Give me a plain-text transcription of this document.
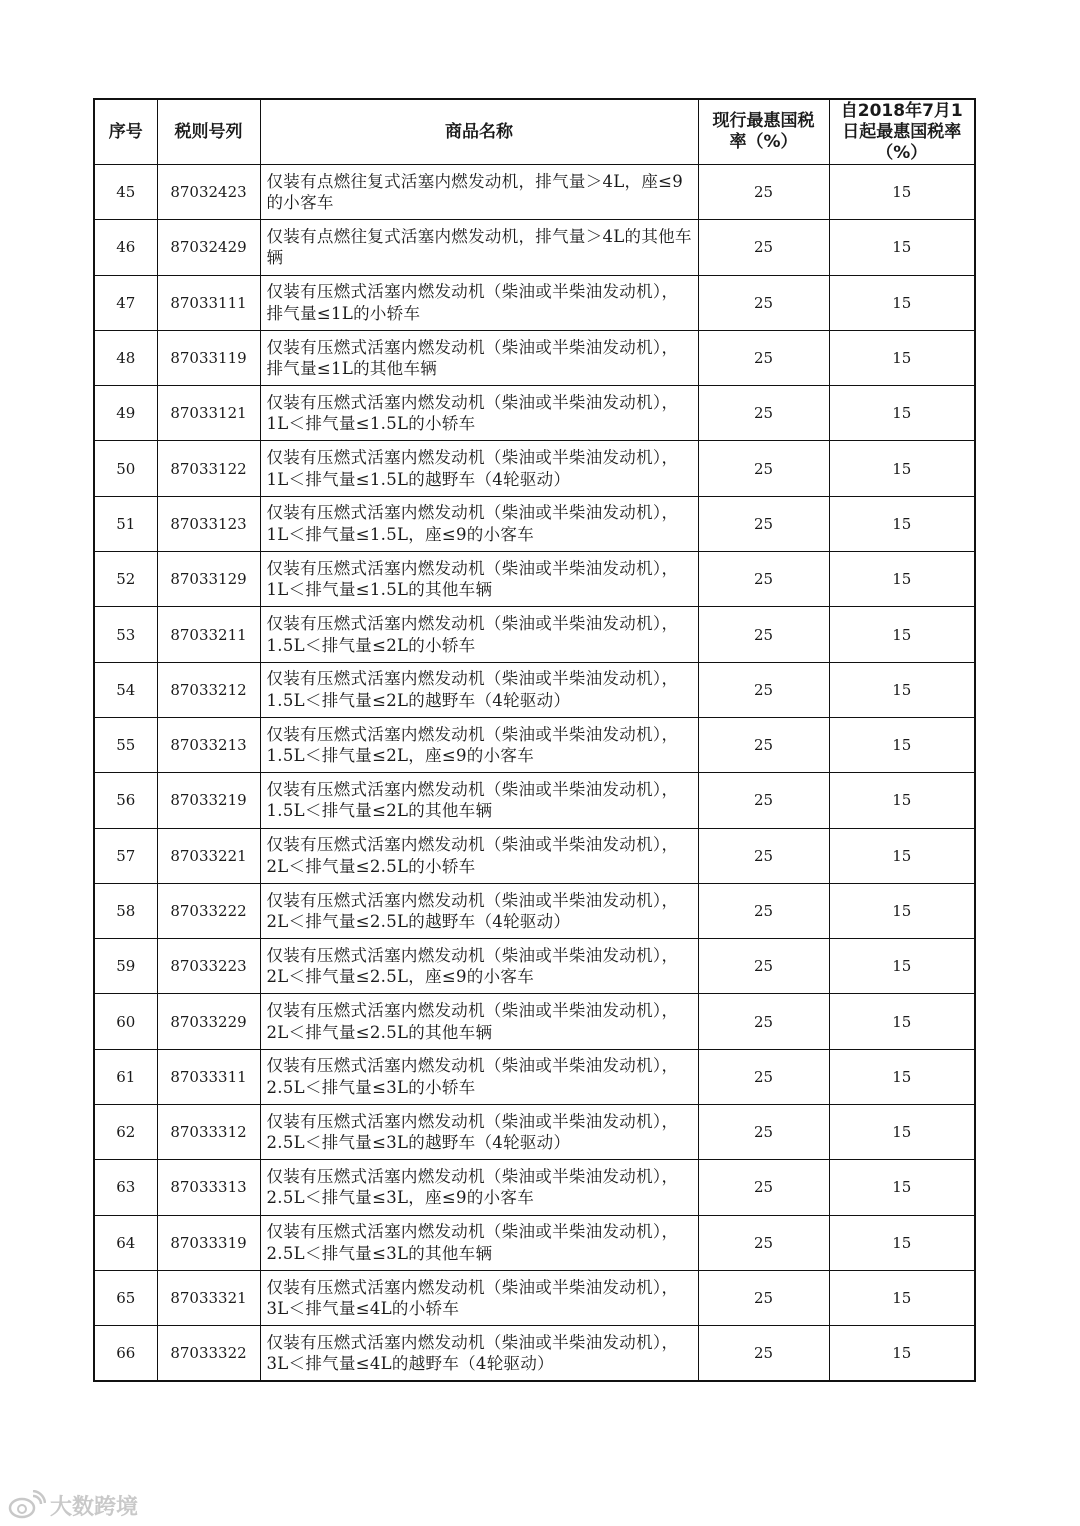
序号	税则号列	商品名称	现行最惠国税率（%）	自2018年7月1日起最惠国税率（%）
45	87032423	仅装有点燃往复式活塞内燃发动机，排气量＞4L，座≤9的小客车	25	15
46	87032429	仅装有点燃往复式活塞内燃发动机，排气量＞4L的其他车辆	25	15
47	87033111	仅装有压燃式活塞内燃发动机（柴油或半柴油发动机），排气量≤1L的小轿车	25	15
48	87033119	仅装有压燃式活塞内燃发动机（柴油或半柴油发动机），排气量≤1L的其他车辆	25	15
49	87033121	仅装有压燃式活塞内燃发动机（柴油或半柴油发动机），1L＜排气量≤1.5L的小轿车	25	15
50	87033122	仅装有压燃式活塞内燃发动机（柴油或半柴油发动机），1L＜排气量≤1.5L的越野车（4轮驱动）	25	15
51	87033123	仅装有压燃式活塞内燃发动机（柴油或半柴油发动机），1L＜排气量≤1.5L，座≤9的小客车	25	15
52	87033129	仅装有压燃式活塞内燃发动机（柴油或半柴油发动机），1L＜排气量≤1.5L的其他车辆	25	15
53	87033211	仅装有压燃式活塞内燃发动机（柴油或半柴油发动机），1.5L＜排气量≤2L的小轿车	25	15
54	87033212	仅装有压燃式活塞内燃发动机（柴油或半柴油发动机），1.5L＜排气量≤2L的越野车（4轮驱动）	25	15
55	87033213	仅装有压燃式活塞内燃发动机（柴油或半柴油发动机），1.5L＜排气量≤2L，座≤9的小客车	25	15
56	87033219	仅装有压燃式活塞内燃发动机（柴油或半柴油发动机），1.5L＜排气量≤2L的其他车辆	25	15
57	87033221	仅装有压燃式活塞内燃发动机（柴油或半柴油发动机），2L＜排气量≤2.5L的小轿车	25	15
58	87033222	仅装有压燃式活塞内燃发动机（柴油或半柴油发动机），2L＜排气量≤2.5L的越野车（4轮驱动）	25	15
59	87033223	仅装有压燃式活塞内燃发动机（柴油或半柴油发动机），2L＜排气量≤2.5L，座≤9的小客车	25	15
60	87033229	仅装有压燃式活塞内燃发动机（柴油或半柴油发动机），2L＜排气量≤2.5L的其他车辆	25	15
61	87033311	仅装有压燃式活塞内燃发动机（柴油或半柴油发动机），2.5L＜排气量≤3L的小轿车	25	15
62	87033312	仅装有压燃式活塞内燃发动机（柴油或半柴油发动机），2.5L＜排气量≤3L的越野车（4轮驱动）	25	15
63	87033313	仅装有压燃式活塞内燃发动机（柴油或半柴油发动机），2.5L＜排气量≤3L，座≤9的小客车	25	15
64	87033319	仅装有压燃式活塞内燃发动机（柴油或半柴油发动机），2.5L＜排气量≤3L的其他车辆	25	15
65	87033321	仅装有压燃式活塞内燃发动机（柴油或半柴油发动机），3L＜排气量≤4L的小轿车	25	15
66	87033322	仅装有压燃式活塞内燃发动机（柴油或半柴油发动机），3L＜排气量≤4L的越野车（4轮驱动）	25	15
大数跨境
